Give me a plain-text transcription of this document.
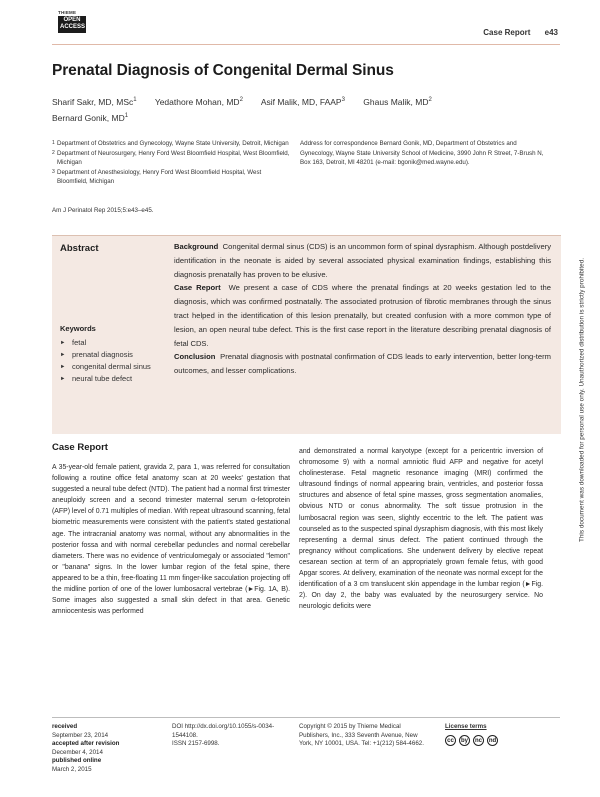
THIEME
OPEN
ACCESS
Case Report e43
Prenatal Diagnosis of Congenital Dermal Sinus
Sharif Sakr, MD, MSc$^1$ Yedathore Mohan, $MD^2$ Asif Malik, MD, FAAP$^3$ Ghaus Malik, $MD^2$
Bernard Gonik, $MD^1$
1 Department of Obstetrics and Gynecology, Wayne State University, Detroit, Michigan
2 Department of Neurosurgery, Henry Ford West Bloomfield Hospital, West Bloomfield, Michigan
3 Department of Anesthesiology, Henry Ford West Bloomfield Hospital, West Bloomfield, Michigan
Address for correspondence Bernard Gonik, MD, Department of Obstetrics and Gynecology, Wayne State University School of Medicine, 3990 John R Street, 7-Brush N, Box 163, Detroit, MI 48201 (e-mail: bgonik@med.wayne.edu).
Am J Perinatol Rep 2015;5:e43–e45.
Abstract
Keywords
► fetal
► prenatal diagnosis
► congenital dermal sinus
► neural tube defect

Background Congenital dermal sinus (CDS) is an uncommon form of spinal dysraphism. Although postdelivery identification in the neonate is aided by several associated physical examination findings, establishing this diagnosis prenatally has proven to be elusive.

Case Report We present a case of CDS where the prenatal findings at 20 weeks gestation led to the diagnosis, which was confirmed postnatally. The associated protrusion of fibrotic membranes through the sinus tract helped in the identification of this lesion prenatally, but created confusion with a more common type of lesion, an open neural tube defect. This is the first case report in the literature describing prenatal diagnosis of fetal CDS.

Conclusion Prenatal diagnosis with postnatal confirmation of CDS leads to early intervention, better long-term outcomes, and lesser complications.

Case Report

A 35-year-old female patient, gravida 2, para 1, was referred for consultation following a routine office fetal anatomy scan at 20 weeks' gestation that suggested a neural tube defect (NTD). The patient had a normal first trimester aneuploidy screen and a second trimester maternal serum α-fetoprotein (AFP) level of 0.71 multiples of median. With repeat ultrasound scanning, fetal biometric measurements were consistent with the patient's stated gestational age. The intracranial anatomy was normal, without any abnormalities in the posterior fossa and with normal cerebellar peduncles and normal cerebellar diameters. There was no evidence of ventriculomegaly or associated "lemon" or "banana" signs. In the lower lumbar region of the fetal spine, there appeared to be a thin, free-floating 11 mm finger-like sacculation projecting off the midline portion of one of the lower lumbosacral vertebrae (►Fig. 1A, B). Some images also suggested a small skin defect in that area. Genetic amniocentesis was performed

and demonstrated a normal karyotype (except for a pericentric inversion of chromosome 9) with a normal amniotic fluid AFP and negative for acetyl cholinesterase. Fetal magnetic resonance imaging (MRI) confirmed the ultrasound findings of normal appearing brain, ventricles, and posterior fossa structures and absence of fetal spine masses, gross segmentation anomalies, obvious NTD or conus abnormality. The soft tissue protrusion in the lumbosacral region was seen, slightly eccentric to the left. The patient was counseled as to the suspected spinal dysraphism diagnosis, with this most likely representing a dermal sinus defect. The patient continued through the pregnancy without complications. She underwent delivery by elective repeat cesarean section at term of an appropriately grown female fetus, with good Apgar scores. At delivery, examination of the neonate was normal except for the identification of a 3 cm translucent skin appendage in the lumbar region (►Fig. 2). On day 2, the baby was evaluated by the neurosurgery service. No neurologic deficits were

received
September 23, 2014
accepted after revision
December 4, 2014
published online
March 2, 2015
DOI http://dx.doi.org/10.1055/s-0034-1544108.
ISSN 2157-6998.
Copyright © 2015 by Thieme Medical Publishers, Inc., 333 Seventh Avenue, New York, NY 10001, USA. Tel: +1(212) 584-4662.
License terms
cc	by	nc	nd
This document was downloaded for personal use only. Unauthorized distribution is strictly prohibited.
